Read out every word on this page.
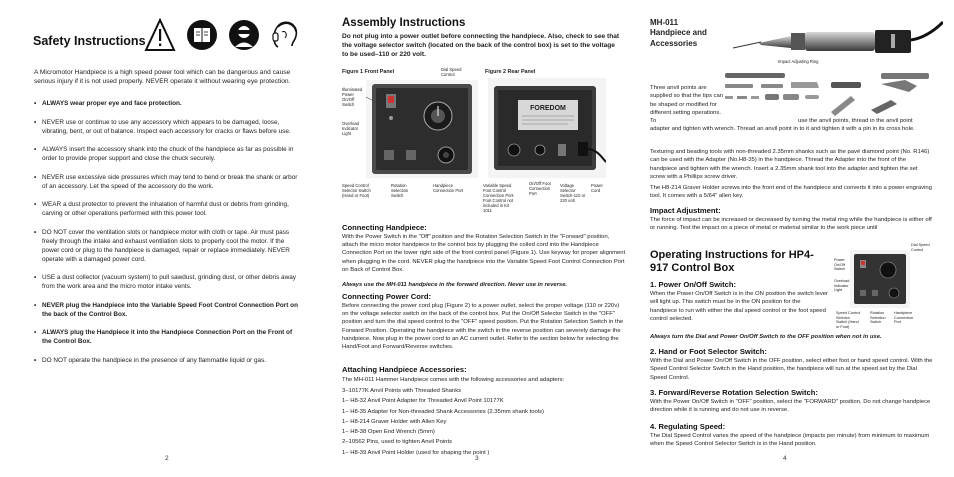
Safety Instructions
A Micromotor Handpiece is a high speed power tool which can be dangerous and cause serious injury if it is not used properly. NEVER operate it without wearing eye protection.
• ALWAYS wear proper eye and face protection.
• NEVER use or continue to use any accessory which appears to be damaged, loose, vibrating, bent, or out of balance. Inspect each accessory for cracks or flaws before use.
• ALWAYS insert the accessory shank into the chuck of the handpiece as far as possible in order to provide proper support and close the chuck securely.
• NEVER use excessive side pressures which may tend to bend or break the shank or arbor of an accessory. Let the speed of the accessory do the work.
• WEAR a dust protector to prevent the inhalation of harmful dust or debris from grinding, carving or other operations performed with this power tool.
• DO NOT cover the ventilation slots or handpiece motor with cloth or tape. Air must pass freely through the intake and exhaust ventilation slots to properly cool the motor. If the power cord or plug to the handpiece is damaged, repair or replace immediately. NEVER operate with a damaged power cord.
• USE a dust collector (vacuum system) to pull sawdust, grinding dust, or other debris away from the work area and the micro motor intake vents.
• NEVER plug the Handpiece into the Variable Speed Foot Control Connection Port on the back of the Control Box.
• ALWAYS plug the Handpiece it into the Handpiece Connection Port on the Front of the Control Box.
• DO NOT operate the handpiece in the presence of any flammable liquid or gas.
2
Assembly Instructions
Do not plug into a power outlet before connecting the handpiece. Also, check to see that the voltage selector switch (located on the back of the control box) is set to the voltage to be used–110 or 220 volt.
Figure 1 Front Panel	Dial Speed Control
Illuminated Power On/Off Switch
Overload Indicator Light
Speed Control Selector Switch (Hand or Foot)
Rotation Selection Switch
Handpiece Connection Port
Figure 2 Rear Panel
FOREDOM
Variable Speed Foot Control Connection Port-Foot Control not included in Kit 1011
On/Off Foot Connection Port
Voltage Selector Switch-110 or 220 volt
Power Cord
Connecting Handpiece:
With the Power Switch in the "Off" position and the Rotation Selection Switch in the "Forward" position, attach the micro motor handpiece to the control box by plugging the coiled cord into the Handpiece Connection Port on the lower right side of the front control panel (Figure 1). Use keyway for proper alignment when plugging in the cord. NEVER plug the handpiece into the Variable Speed Foot Control Connection Port on Back of Control Box.
Always use the MH-011 handpiece in the forward direction. Never use in reverse.
Connecting Power Cord:
Before connecting the power cord plug (Figure 2) to a power outlet, select the proper voltage (110 or 220v) on the voltage selector switch on the back of the control box. Put the On/Off Selector Switch in the "OFF" position and turn the dial speed control to the "OFF" speed position. Put the Rotation Selection Switch in the Forward Position. Operating the handpiece with the switch in the reverse position can severely damage the handpiece. Now plug in the power cord to an AC current outlet. Refer to the section below for selecting the Hand/Foot and Forward/Reverse switches.
Attaching Handpiece Accessories:
The MH-011 Hammer Handpiece comes with the following accessories and adapters:
3–10177K Anvil Points with Threaded Shanks
1– H8-32 Anvil Point Adapter for Threaded Anvil Point 10177K
1– H8-35 Adapter for Non-threaded Shank Accessories (2.35mm shank tools)
1– H8-214 Graver Holder with Allen Key
1– H8-38 Open End Wrench (5mm)
2–10562 Pins, used to tighten Anvil Points
1– H8-39 Anvil Point Holder (used for shaping the point )
3
MH-011 Handpiece and Accessories
Impact Adjusting Ring
Three anvil points are supplied so that the tips can be shaped or modified for different setting operations. To	use the anvil points, thread in the anvil point
adapter and tighten with wrench. Thread an anvil point in to it and tighten it with a pin in its cross hole.
Texturing and beading tools with non-threaded 2.35mm shanks such as the pavé diamond point (No. R146) can be used with the Adapter (No.H8-35) in the handpiece. Thread the Adapter into the front of the handpiece and tighten with the wrench. Insert a 2.35mm shank tool into the adapter and tighten the set screw with a Phillips screw driver.
The H8-214 Graver Holder screws into the front end of the handpiece and converts it into a power engraving tool. It comes with a 5/64" allen key.
Impact Adjustment:
The force of impact can be increased or decreased by turning the metal ring while the handpiece is either off or running. Test the impact on a piece of metal or material similar to the work piece until
Operating Instructions for HP4-917 Control Box
Dial Speed Control
Power On/Off Switch
Overload Indicator Light
Speed Control Selector Switch (Hand or Foot)
Rotation Selection Switch
Handpiece Connection Port
1. Power On/Off Switch:
When the Power On/Off Switch is in the ON position the switch lever will light up. This switch must be in the ON position for the handpiece to run with either the dial speed control or the foot speed control selected.
Always turn the Dial and Power On/Off Switch to the OFF position when not in use.
2. Hand or Foot Selector Switch:
With the Dial and Power On/Off Switch in the OFF position, select either foot or hand speed control. With the Speed Control Selector Switch in the Hand position, the handpiece will run at the speed set by the Dial Speed Control.
3. Forward/Reverse Rotation Selection Switch:
With the Power On/Off Switch in "OFF" position, select the "FORWARD" position. Do not change handpiece direction while it is running and do not use in reverse.
4. Regulating Speed:
The Dial Speed Control varies the speed of the handpiece (impacts per minute) from minimum to maximum when the Speed Control Selector Switch is in the Hand position.
4
